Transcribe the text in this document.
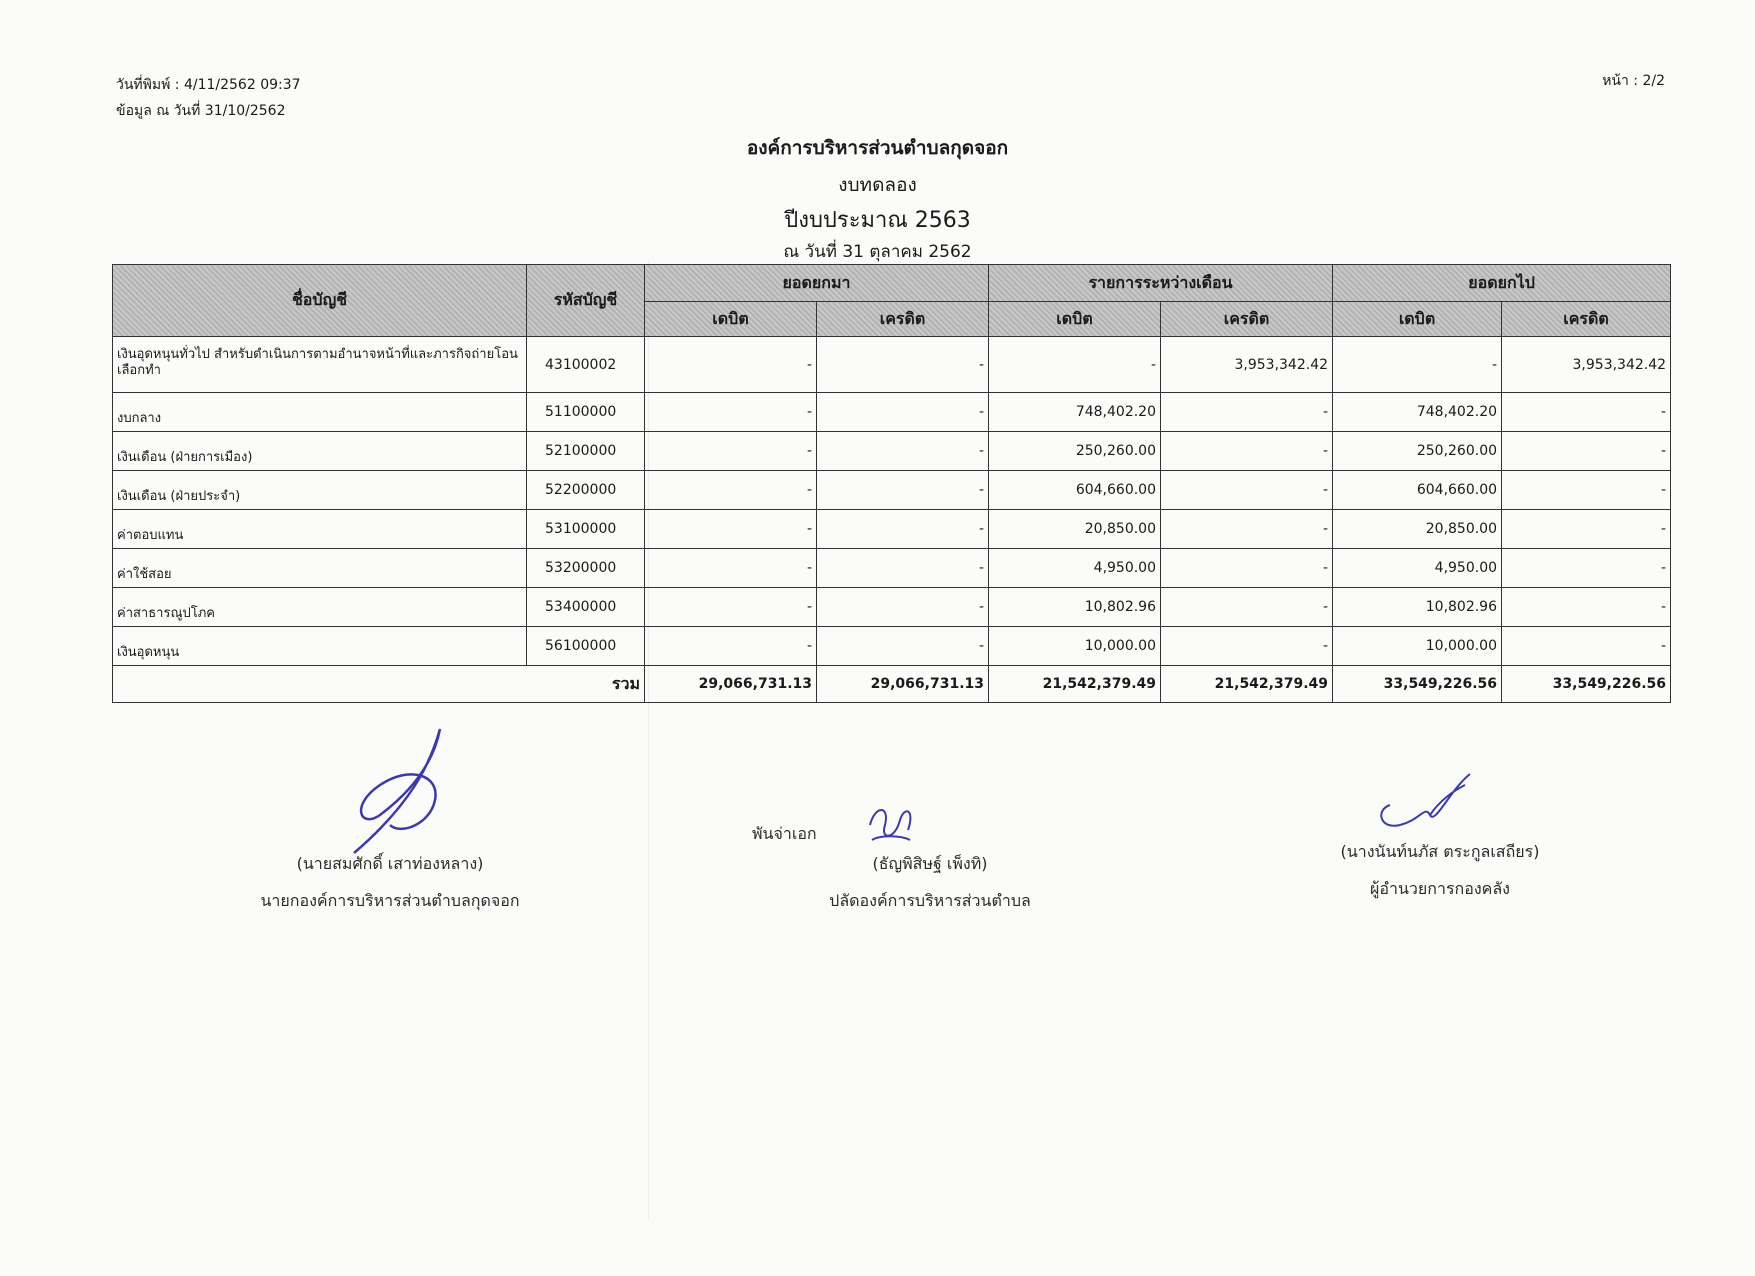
วันที่พิมพ์ : 4/11/2562 09:37
ข้อมูล ณ วันที่ 31/10/2562
หน้า : 2/2
องค์การบริหารส่วนตำบลกุดจอก
งบทดลอง
ปีงบประมาณ 2563
ณ วันที่ 31 ตุลาคม 2562
ชื่อบัญชี	รหัสบัญชี	ยอดยกมา		รายการระหว่างเดือน		ยอดยกไป	
		เดบิต	เครดิต	เดบิต	เครดิต	เดบิต	เครดิต
เงินอุดหนุนทั่วไป สำหรับดำเนินการตามอำนาจหน้าที่และภารกิจถ่ายโอนเลือกทำ	43100002	-	-	-	3,953,342.42	-	3,953,342.42
งบกลาง	51100000	-	-	748,402.20	-	748,402.20	-
เงินเดือน (ฝ่ายการเมือง)	52100000	-	-	250,260.00	-	250,260.00	-
เงินเดือน (ฝ่ายประจำ)	52200000	-	-	604,660.00	-	604,660.00	-
ค่าตอบแทน	53100000	-	-	20,850.00	-	20,850.00	-
ค่าใช้สอย	53200000	-	-	4,950.00	-	4,950.00	-
ค่าสาธารณูปโภค	53400000	-	-	10,802.96	-	10,802.96	-
เงินอุดหนุน	56100000	-	-	10,000.00	-	10,000.00	-
รวม		29,066,731.13	29,066,731.13	21,542,379.49	21,542,379.49	33,549,226.56	33,549,226.56
(นายสมศักดิ์ เสาท่องหลาง)
นายกองค์การบริหารส่วนตำบลกุดจอก
พันจ่าเอก
(ธัญพิสิษฐ์ เพ็งทิ)
ปลัดองค์การบริหารส่วนตำบล
(นางนันท์นภัส ตระกูลเสถียร)
ผู้อำนวยการกองคลัง
